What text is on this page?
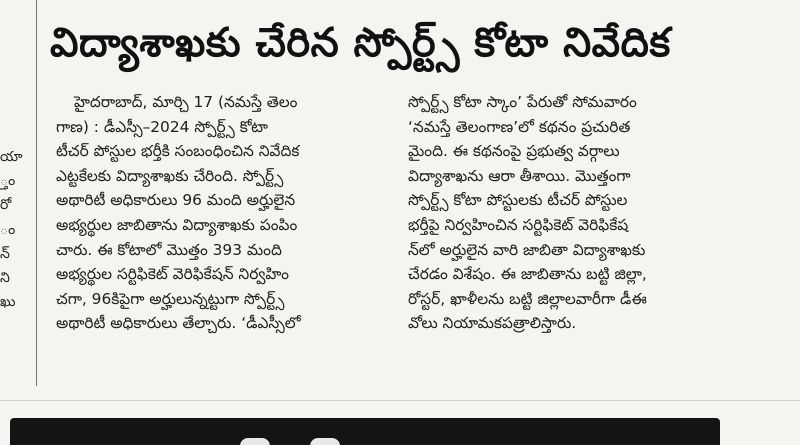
యా
్తం
రో
ం
న్
ని
ఖు
విద్యాశాఖకు చేరిన స్పోర్ట్స్ కోటా నివేదిక
హైదరాబాద్, మార్చి 17 (నమస్తే తెలం
గాణ) : డీఎస్సీ–2024 స్పోర్ట్స్ కోటా
టీచర్ పోస్టుల భర్తీకి సంబంధించిన నివేదిక
ఎట్టకేలకు విద్యాశాఖకు చేరింది. స్పోర్ట్స్
అథారిటీ అధికారులు 96 మంది అర్హులైన
అభ్యర్థుల జాబితాను విద్యాశాఖకు పంపిం
చారు. ఈ కోటాలో మొత్తం 393 మంది
అభ్యర్థుల సర్టిఫికెట్ వెరిఫికేషన్ నిర్వహిం
చగా, 96కిపైగా అర్హులున్నట్టుగా స్పోర్ట్స్
అథారిటీ అధికారులు తేల్చారు. ‘డీఎస్సీలో
స్పోర్ట్స్ కోటా స్కాం’ పేరుతో సోమవారం
‘నమస్తే తెలంగాణ’లో కథనం ప్రచురిత
మైంది. ఈ కథనంపై ప్రభుత్వ వర్గాలు
విద్యాశాఖను ఆరా తీశాయి. మొత్తంగా
స్పోర్ట్స్ కోటా పోస్టులకు టీచర్ పోస్టుల
భర్తీపై నిర్వహించిన సర్టిఫికెట్ వెరిఫికేష
న్‌లో అర్హులైన వారి జాబితా విద్యాశాఖకు
చేరడం విశేషం. ఈ జాబితాను బట్టి జిల్లా,
రోస్టర్, ఖాళీలను బట్టి జిల్లాలవారీగా డీఈ
వోలు నియామకపత్రాలిస్తారు.
